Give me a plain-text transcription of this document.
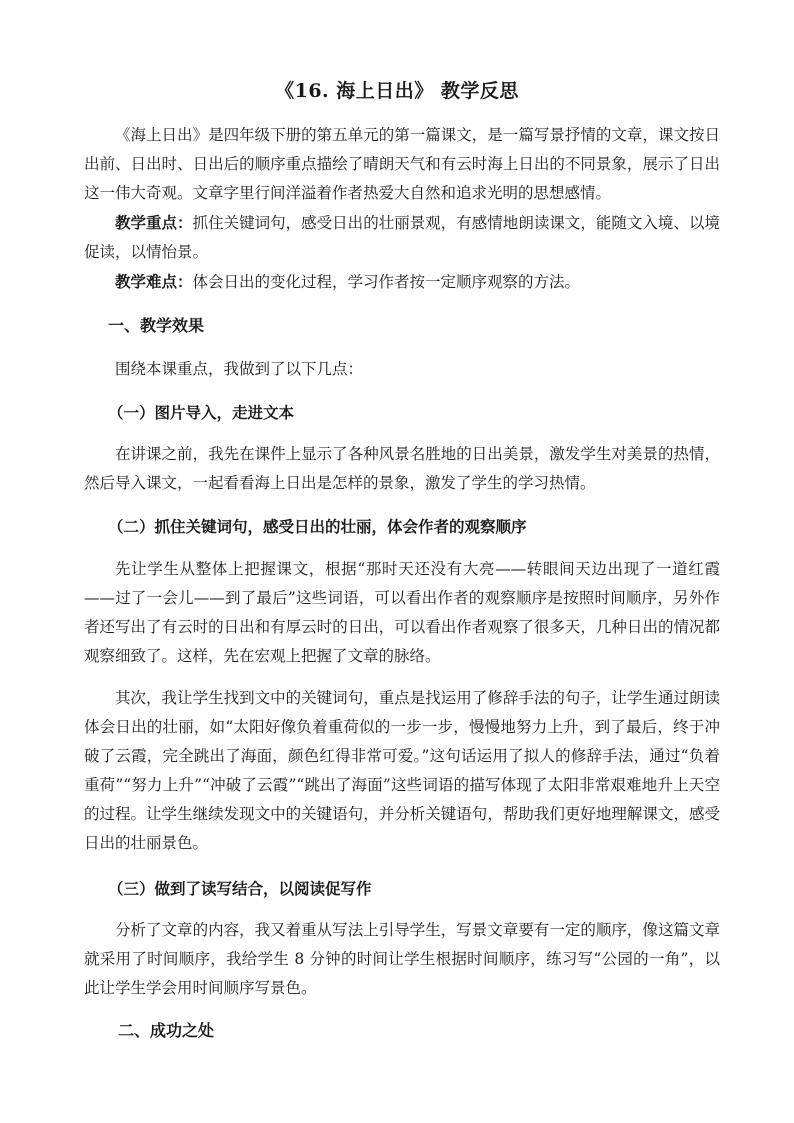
《16. 海上日出》 教学反思

《海上日出》是四年级下册的第五单元的第一篇课文，是一篇写景抒情的文章，课文按日出前、日出时、日出后的顺序重点描绘了晴朗天气和有云时海上日出的不同景象，展示了日出这一伟大奇观。文章字里行间洋溢着作者热爱大自然和追求光明的思想感情。

教学重点：抓住关键词句，感受日出的壮丽景观，有感情地朗读课文，能随文入境、以境促读，以情怡景。

教学难点：体会日出的变化过程，学习作者按一定顺序观察的方法。

一、教学效果

围绕本课重点，我做到了以下几点：

（一）图片导入，走进文本

在讲课之前，我先在课件上显示了各种风景名胜地的日出美景，激发学生对美景的热情，然后导入课文，一起看看海上日出是怎样的景象，激发了学生的学习热情。

（二）抓住关键词句，感受日出的壮丽，体会作者的观察顺序

先让学生从整体上把握课文，根据“那时天还没有大亮——转眼间天边出现了一道红霞——过了一会儿——到了最后”这些词语，可以看出作者的观察顺序是按照时间顺序，另外作者还写出了有云时的日出和有厚云时的日出，可以看出作者观察了很多天，几种日出的情况都观察细致了。这样，先在宏观上把握了文章的脉络。

其次，我让学生找到文中的关键词句，重点是找运用了修辞手法的句子，让学生通过朗读体会日出的壮丽，如“太阳好像负着重荷似的一步一步，慢慢地努力上升，到了最后，终于冲破了云霞，完全跳出了海面，颜色红得非常可爱。”这句话运用了拟人的修辞手法，通过“负着重荷”“努力上升”“冲破了云霞”“跳出了海面”这些词语的描写体现了太阳非常艰难地升上天空的过程。让学生继续发现文中的关键语句，并分析关键语句，帮助我们更好地理解课文，感受日出的壮丽景色。

（三）做到了读写结合，以阅读促写作

分析了文章的内容，我又着重从写法上引导学生，写景文章要有一定的顺序，像这篇文章就采用了时间顺序，我给学生 8 分钟的时间让学生根据时间顺序，练习写“公园的一角”，以此让学生学会用时间顺序写景色。

二、成功之处
